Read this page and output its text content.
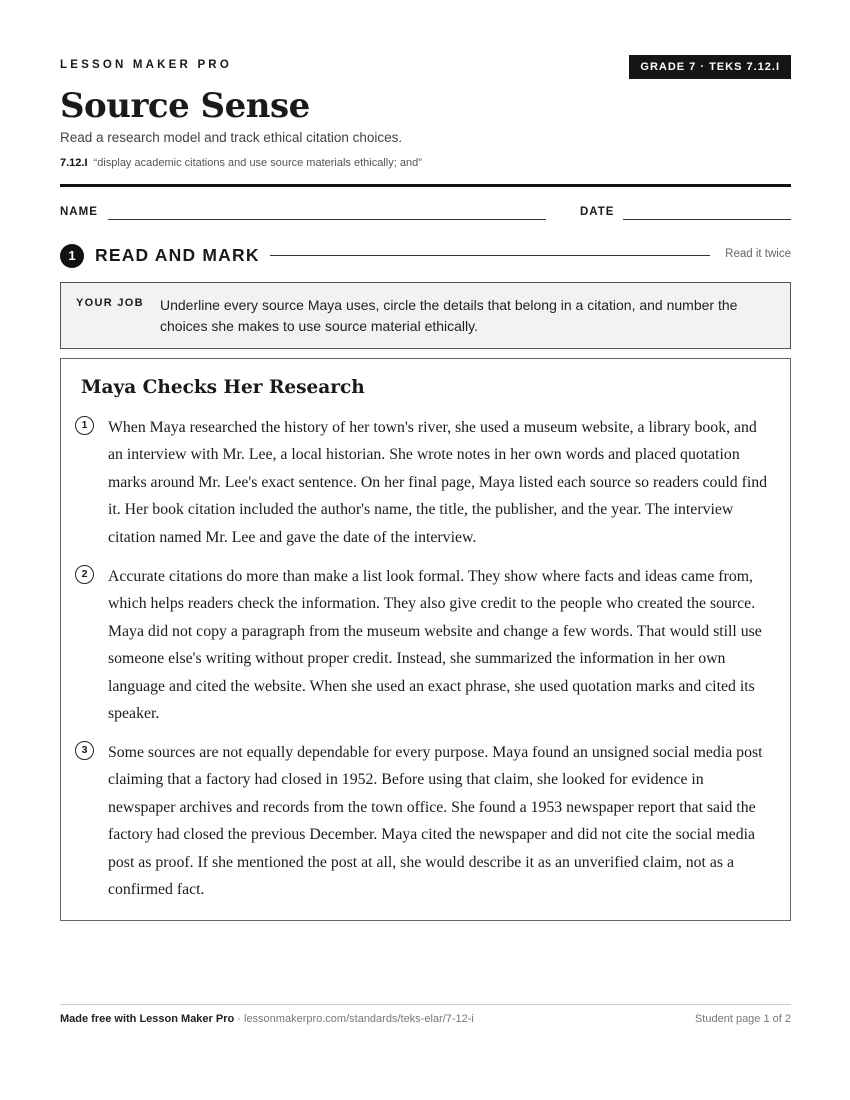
LESSON MAKER PRO	GRADE 7 · TEKS 7.12.I
Source Sense
Read a research model and track ethical citation choices.
7.12.I “display academic citations and use source materials ethically; and”
NAME	DATE
1	READ AND MARK	Read it twice
YOUR JOB Underline every source Maya uses, circle the details that belong in a citation, and number the choices she makes to use source material ethically.
Maya Checks Her Research
1	When Maya researched the history of her town's river, she used a museum website, a library book, and an interview with Mr. Lee, a local historian. She wrote notes in her own words and placed quotation marks around Mr. Lee's exact sentence. On her final page, Maya listed each source so readers could find it. Her book citation included the author's name, the title, the publisher, and the year. The interview citation named Mr. Lee and gave the date of the interview.

2	Accurate citations do more than make a list look formal. They show where facts and ideas came from, which helps readers check the information. They also give credit to the people who created the source. Maya did not copy a paragraph from the museum website and change a few words. That would still use someone else's writing without proper credit. Instead, she summarized the information in her own language and cited the website. When she used an exact phrase, she used quotation marks and cited its speaker.

3	Some sources are not equally dependable for every purpose. Maya found an unsigned social media post claiming that a factory had closed in 1952. Before using that claim, she looked for evidence in newspaper archives and records from the town office. She found a 1953 newspaper report that said the factory had closed the previous December. Maya cited the newspaper and did not cite the social media post as proof. If she mentioned the post at all, she would describe it as an unverified claim, not as a confirmed fact.

Made free with Lesson Maker Pro · lessonmakerpro.com/standards/teks-elar/7-12-i	Student page 1 of 2
